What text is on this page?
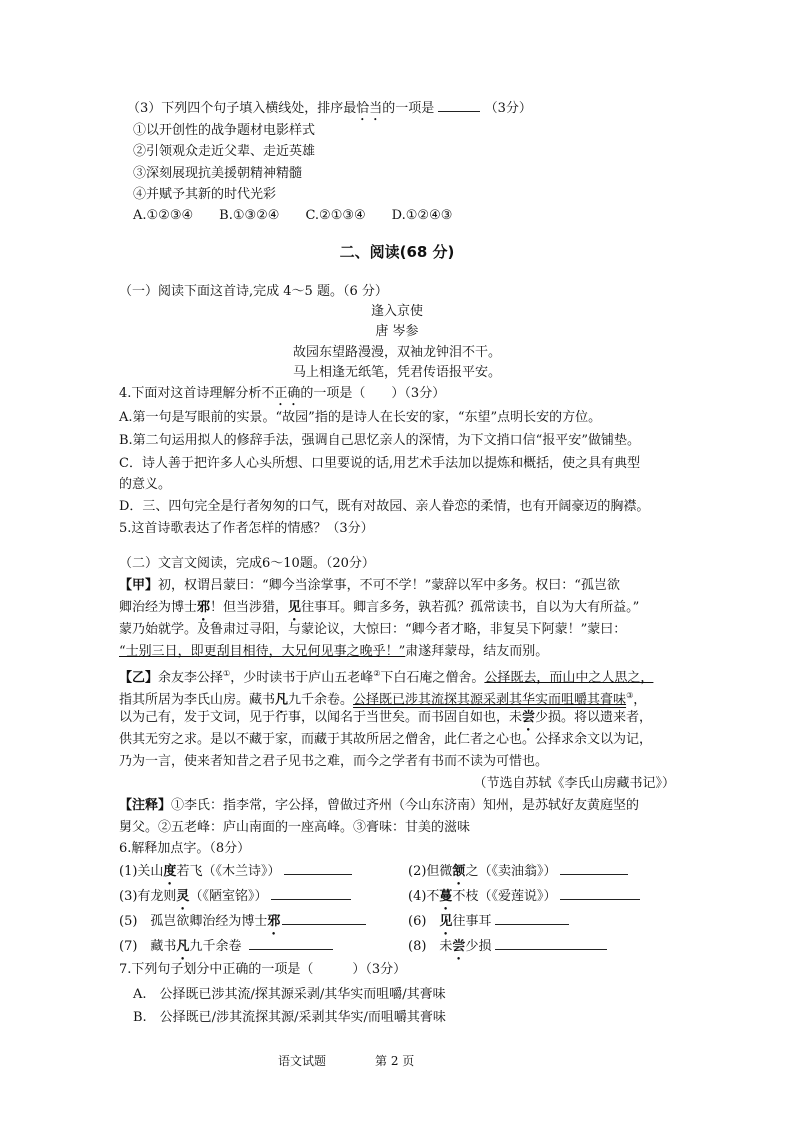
（3）下列四个句子填入横线处，排序最恰当的一项是	（3分）
①以开创性的战争题材电影样式
②引领观众走近父辈、走近英雄
③深刻展现抗美援朝精神精髓
④并赋予其新的时代光彩
A.①②③④　　B.①③②④　　C.②①③④　　D.①②④③
二、阅读(68 分)
（一）阅读下面这首诗,完成 4～5 题。（6 分）
逢入京使
唐 岑参
故园东望路漫漫，双袖龙钟泪不干。
马上相逢无纸笔，凭君传语报平安。
4.下面对这首诗理解分析不正确的一项是（　　）（3分）
A.第一句是写眼前的实景。“故园”指的是诗人在长安的家，“东望”点明长安的方位。
B.第二句运用拟人的修辞手法，强调自己思忆亲人的深情，为下文捎口信“报平安”做铺垫。
C．诗人善于把许多人心头所想、口里要说的话,用艺术手法加以提炼和概括，使之具有典型
的意义。
D．三、四句完全是行者匆匆的口气，既有对故园、亲人眷恋的柔情，也有开阔豪迈的胸襟。
5.这首诗歌表达了作者怎样的情感？（3分）
（二）文言文阅读，完成6～10题。（20分）
【甲】初，权谓吕蒙曰：“卿今当涂掌事，不可不学！”蒙辞以军中多务。权曰：“孤岂欲
卿治经为博士邪！但当涉猎，见往事耳。卿言多务，孰若孤？孤常读书，自以为大有所益。”
蒙乃始就学。及鲁肃过寻阳，与蒙论议，大惊曰：“卿今者才略，非复吴下阿蒙！”蒙曰：
“士别三日，即更刮目相待，大兄何见事之晚乎！”肃遂拜蒙母，结友而别。
【乙】余友李公择①，少时读书于庐山五老峰②下白石庵之僧舍。公择既去，而山中之人思之，
指其所居为李氏山房。藏书凡九千余卷。公择既已涉其流探其源采剥其华实而咀嚼其膏味③，
以为己有，发于文词，见于行事，以闻名于当世矣。而书固自如也，未尝少损。将以遗来者，
供其无穷之求。是以不藏于家，而藏于其故所居之僧舍，此仁者之心也。公择求余文以为记，
乃为一言，使来者知昔之君子见书之难，而今之学者有书而不读为可惜也。
（节选自苏轼《李氏山房藏书记》）
【注释】①李氏：指李常，字公择，曾做过齐州（今山东济南）知州，是苏轼好友黄庭坚的
舅父。②五老峰：庐山南面的一座高峰。③膏味：甘美的滋味
6.解释加点字。（8分）
(1)关山度若飞（《木兰诗》）	(2)但微颔之（《卖油翁》）
(3)有龙则灵（《陋室铭》）	(4)不蔓不枝（《爱莲说》）
(5)　孤岂欲卿治经为博士邪	(6)　见往事耳
(7)　藏书凡九千余卷	(8)　未尝少损
7.下列句子划分中正确的一项是（　　　）（3分）
A.　公择既已涉其流/探其源采剥/其华实而咀嚼/其膏味
B.　公择既已/涉其流探其源/采剥其华实/而咀嚼其膏味
语文试题	第 2 页
